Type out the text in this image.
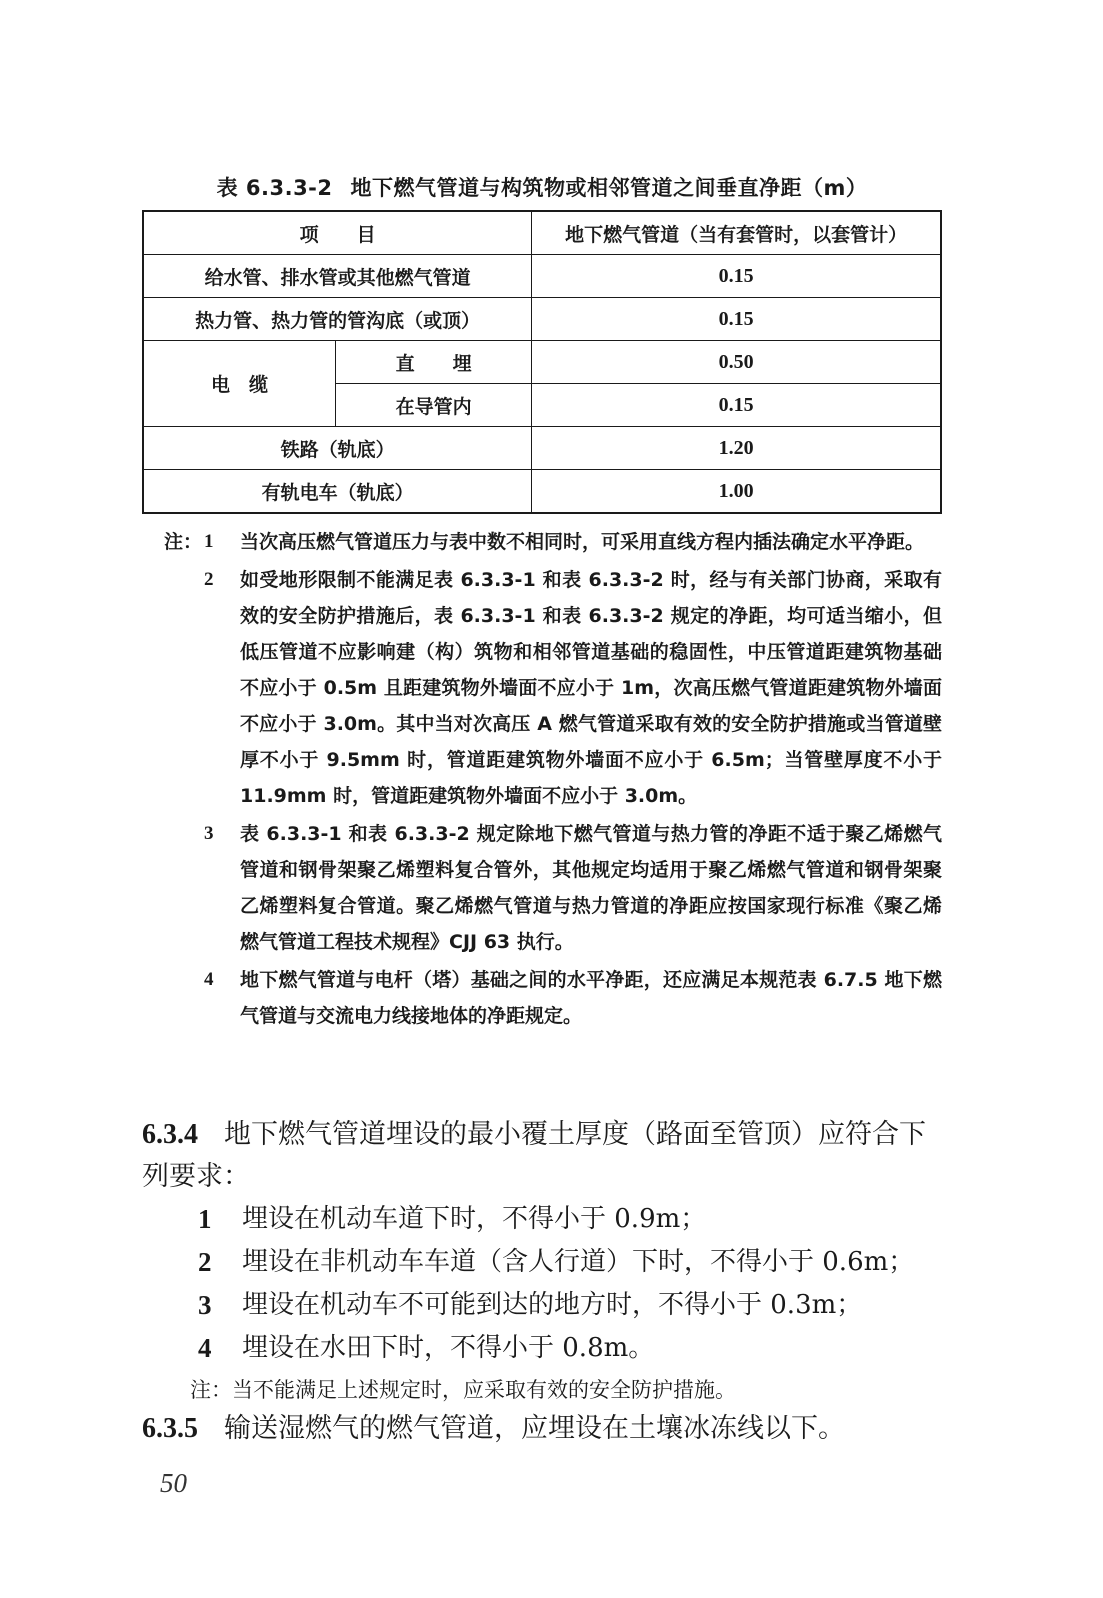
表 6.3.3-2 地下燃气管道与构筑物或相邻管道之间垂直净距（m）
项　　目		地下燃气管道（当有套管时，以套管计）
给水管、排水管或其他燃气管道		0.15
热力管、热力管的管沟底（或顶）		0.15
电　缆	直　　埋	0.50
	在导管内	0.15
铁路（轨底）		1.20
有轨电车（轨底）		1.00
注： 1 当次高压燃气管道压力与表中数不相同时，可采用直线方程内插法确定水平净距。
2 如受地形限制不能满足表 6.3.3-1 和表 6.3.3-2 时，经与有关部门协商，采取有效的安全防护措施后，表 6.3.3-1 和表 6.3.3-2 规定的净距，均可适当缩小，但低压管道不应影响建（构）筑物和相邻管道基础的稳固性，中压管道距建筑物基础不应小于 0.5m 且距建筑物外墙面不应小于 1m，次高压燃气管道距建筑物外墙面不应小于 3.0m。其中当对次高压 A 燃气管道采取有效的安全防护措施或当管道壁厚不小于 9.5mm 时，管道距建筑物外墙面不应小于 6.5m；当管壁厚度不小于 11.9mm 时，管道距建筑物外墙面不应小于 3.0m。
3 表 6.3.3-1 和表 6.3.3-2 规定除地下燃气管道与热力管的净距不适于聚乙烯燃气管道和钢骨架聚乙烯塑料复合管外，其他规定均适用于聚乙烯燃气管道和钢骨架聚乙烯塑料复合管道。聚乙烯燃气管道与热力管道的净距应按国家现行标准《聚乙烯燃气管道工程技术规程》CJJ 63 执行。
4 地下燃气管道与电杆（塔）基础之间的水平净距，还应满足本规范表 6.7.5 地下燃气管道与交流电力线接地体的净距规定。
6.3.4 地下燃气管道埋设的最小覆土厚度（路面至管顶）应符合下列要求：
1 埋设在机动车道下时，不得小于 0.9m；
2 埋设在非机动车车道（含人行道）下时，不得小于 0.6m；
3 埋设在机动车不可能到达的地方时，不得小于 0.3m；
4 埋设在水田下时，不得小于 0.8m。
注：当不能满足上述规定时，应采取有效的安全防护措施。
6.3.5 输送湿燃气的燃气管道，应埋设在土壤冰冻线以下。
50
